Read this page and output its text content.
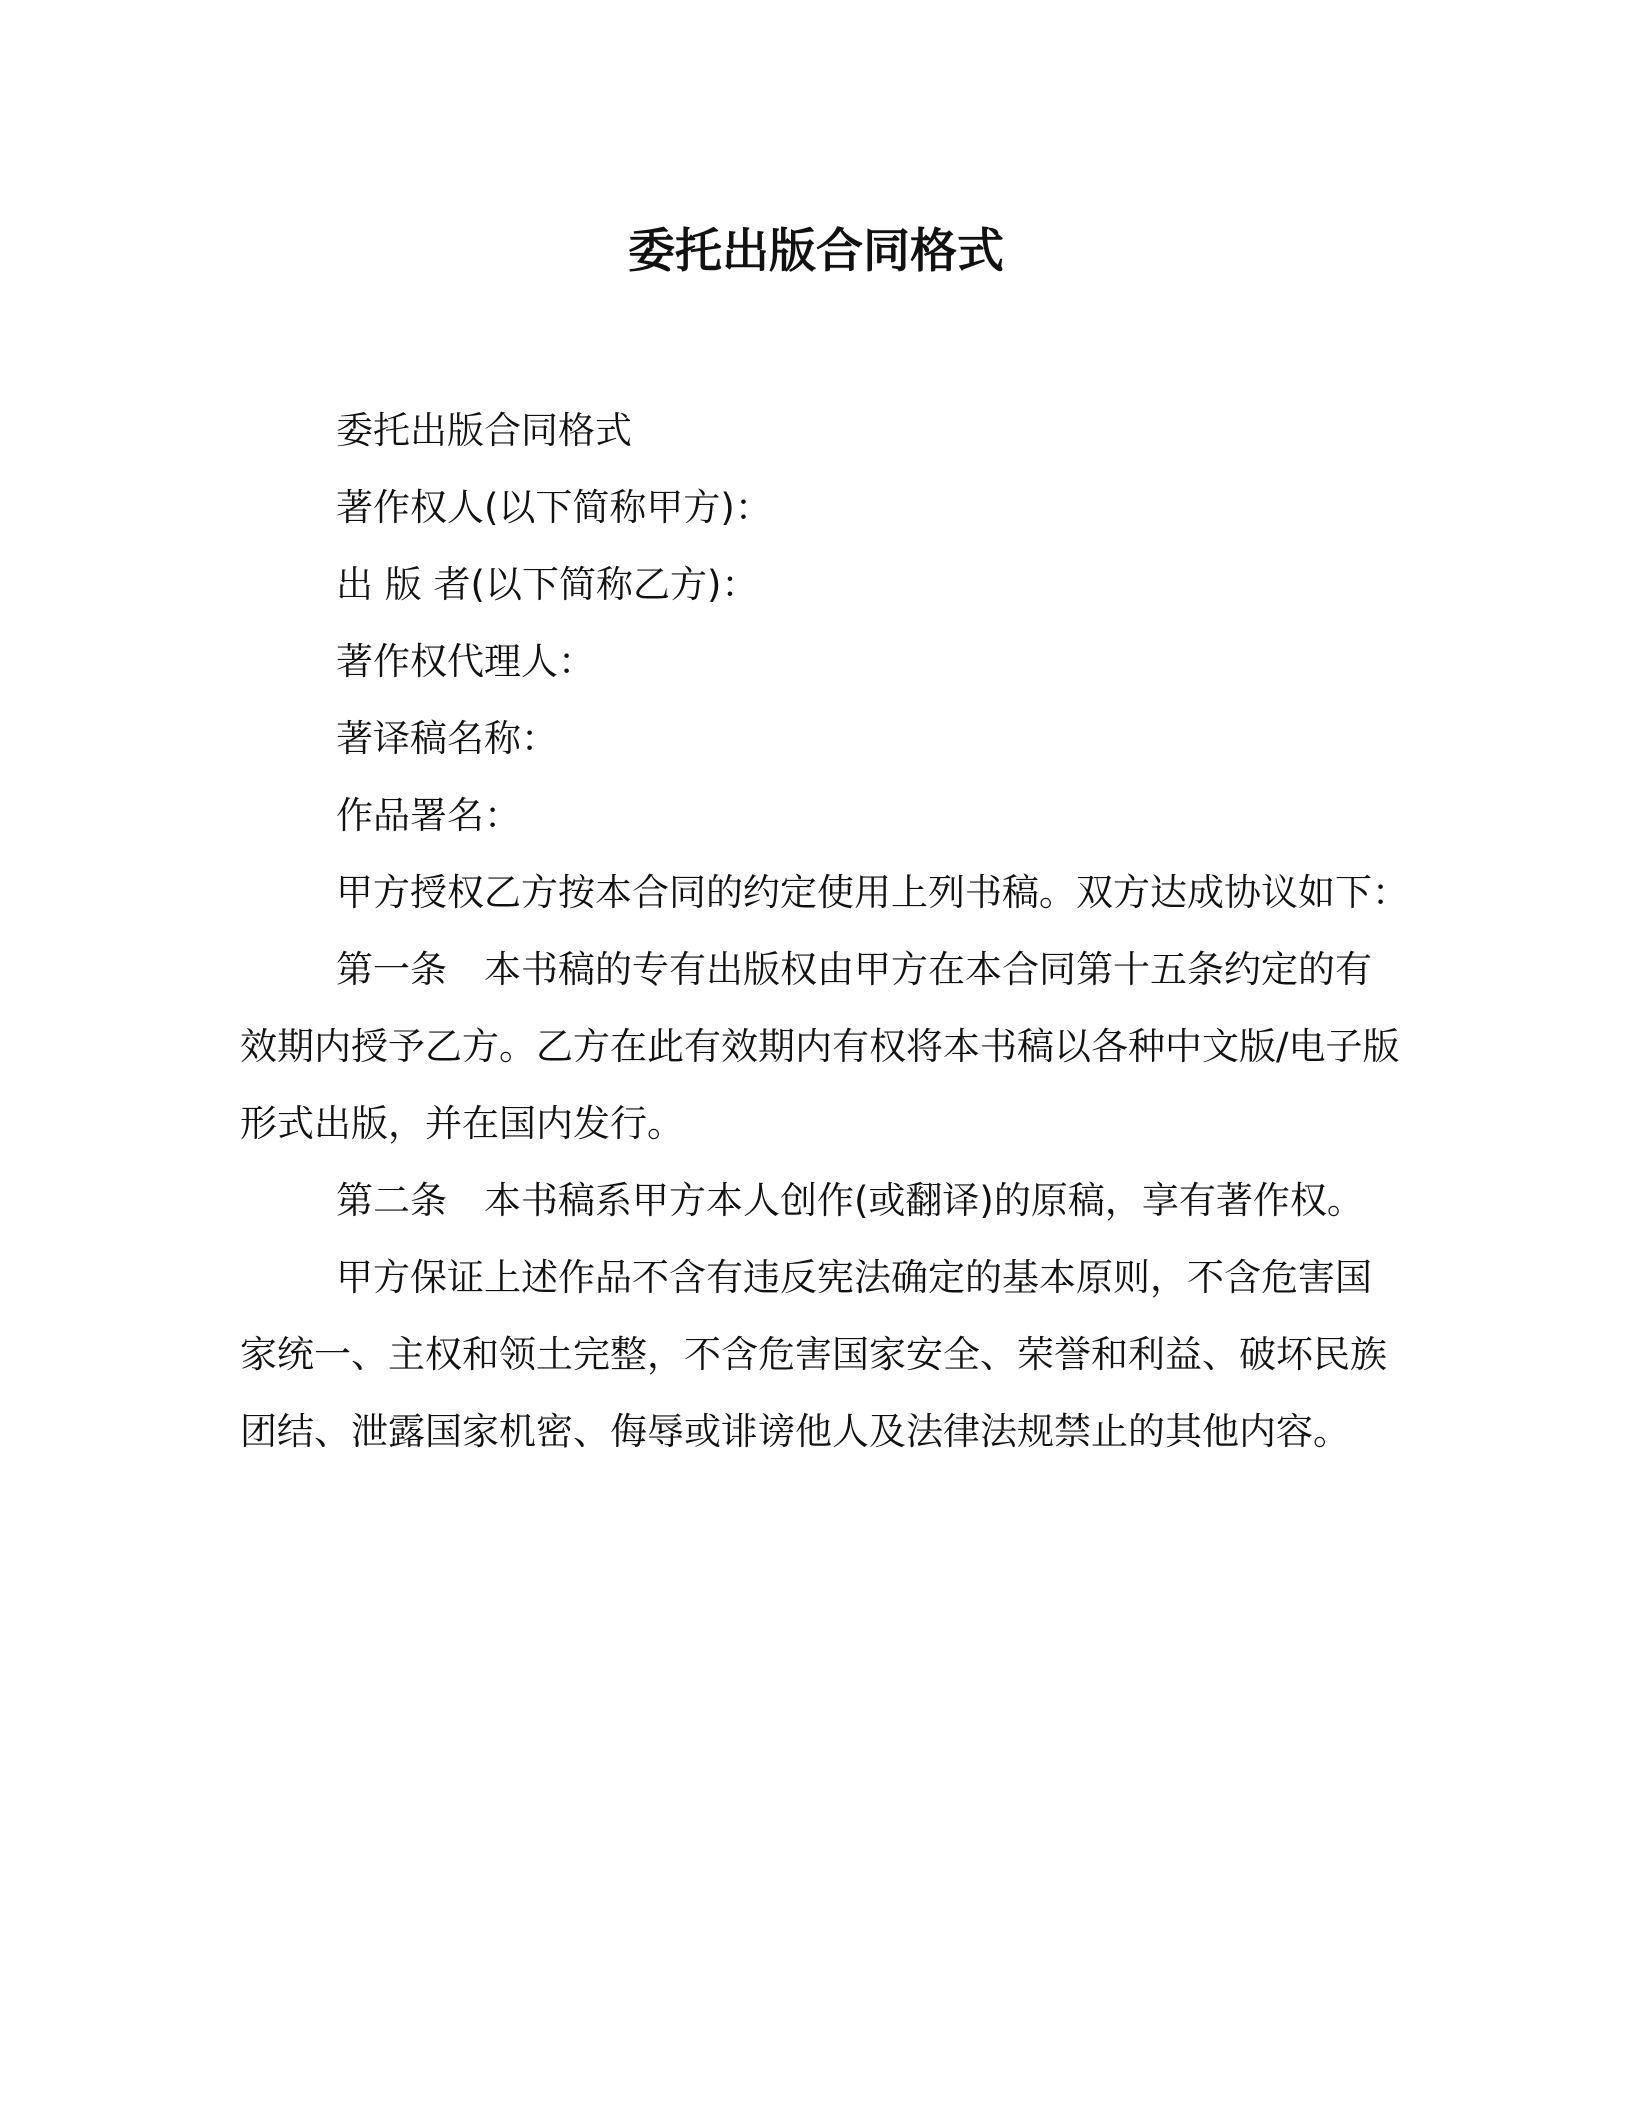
委托出版合同格式

委托出版合同格式

著作权人(以下简称甲方)：

出 版 者(以下简称乙方)：

著作权代理人：

著译稿名称：

作品署名：

甲方授权乙方按本合同的约定使用上列书稿。双方达成协议如下：

第一条　本书稿的专有出版权由甲方在本合同第十五条约定的有效期内授予乙方。乙方在此有效期内有权将本书稿以各种中文版/电子版形式出版，并在国内发行。

第二条　本书稿系甲方本人创作(或翻译)的原稿，享有著作权。

甲方保证上述作品不含有违反宪法确定的基本原则，不含危害国家统一、主权和领土完整，不含危害国家安全、荣誉和利益、破坏民族团结、泄露国家机密、侮辱或诽谤他人及法律法规禁止的其他内容。
